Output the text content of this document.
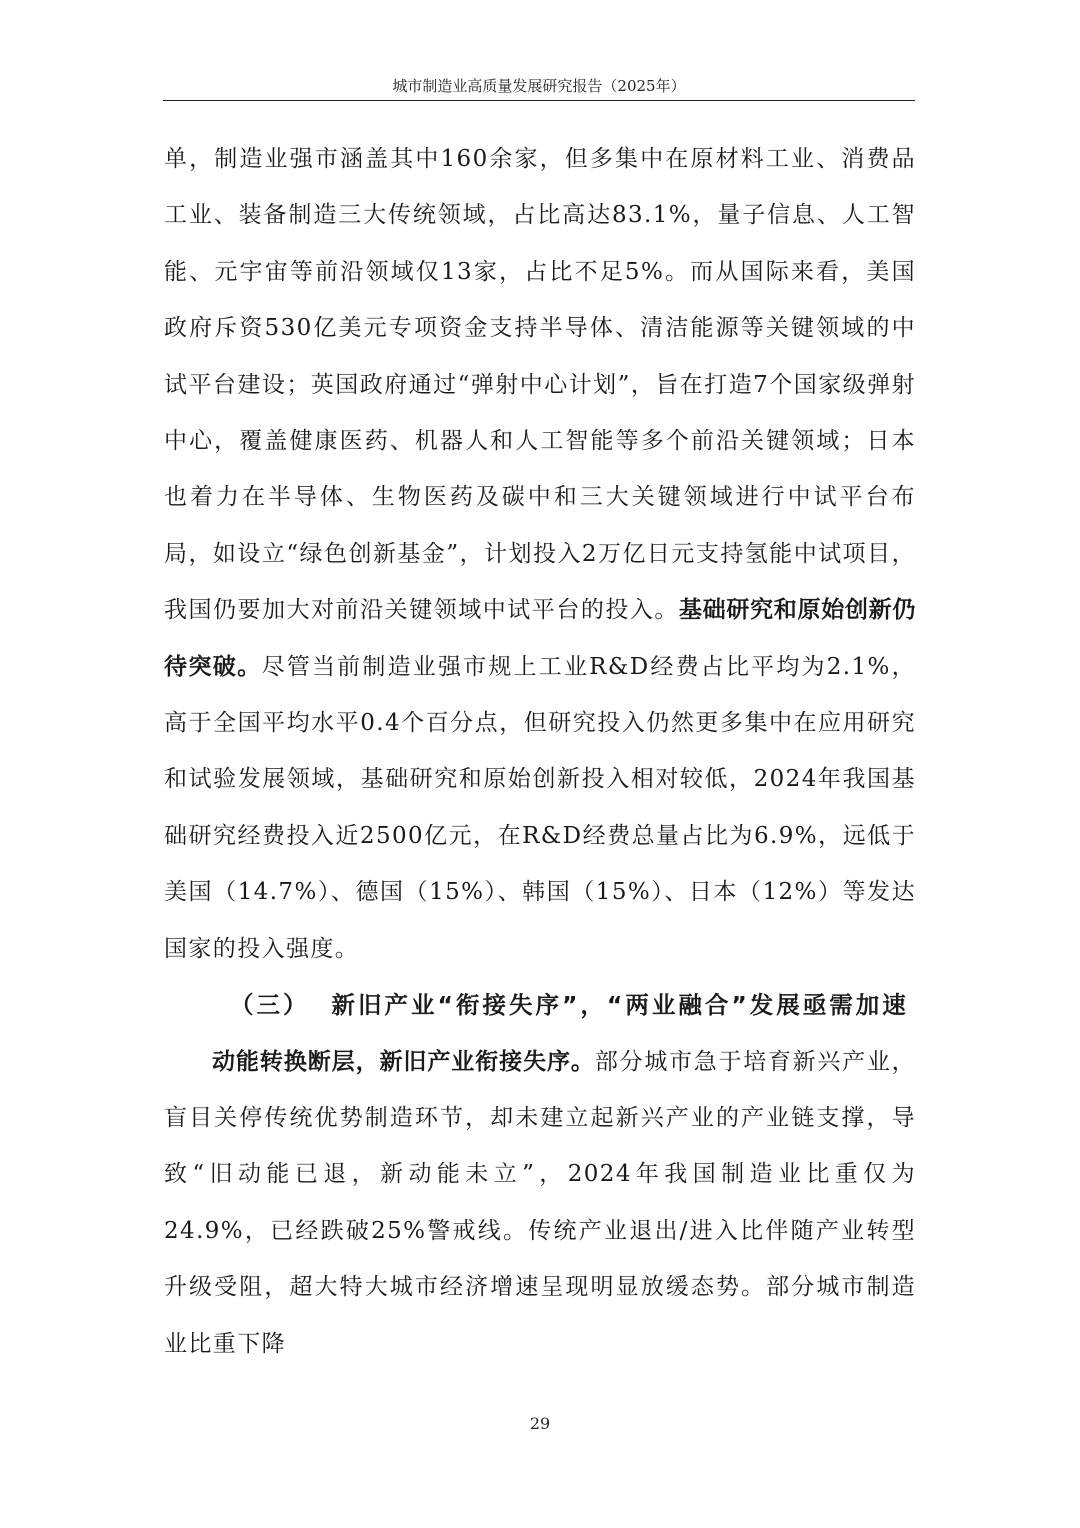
城市制造业高质量发展研究报告（2025年）

单，制造业强市涵盖其中160余家，但多集中在原材料工业、消费品工业、装备制造三大传统领域，占比高达83.1%，量子信息、人工智能、元宇宙等前沿领域仅13家，占比不足5%。而从国际来看，美国政府斥资530亿美元专项资金支持半导体、清洁能源等关键领域的中试平台建设；英国政府通过“弹射中心计划”，旨在打造7个国家级弹射中心，覆盖健康医药、机器人和人工智能等多个前沿关键领域；日本也着力在半导体、生物医药及碳中和三大关键领域进行中试平台布局，如设立“绿色创新基金”，计划投入2万亿日元支持氢能中试项目，我国仍要加大对前沿关键领域中试平台的投入。基础研究和原始创新仍待突破。尽管当前制造业强市规上工业R&D经费占比平均为2.1%，高于全国平均水平0.4个百分点，但研究投入仍然更多集中在应用研究和试验发展领域，基础研究和原始创新投入相对较低，2024年我国基础研究经费投入近2500亿元，在R&D经费总量占比为6.9%，远低于美国（14.7%）、德国（15%）、韩国（15%）、日本（12%）等发达国家的投入强度。

（三） 新旧产业“衔接失序”，“两业融合”发展亟需加速

动能转换断层，新旧产业衔接失序。部分城市急于培育新兴产业，盲目关停传统优势制造环节，却未建立起新兴产业的产业链支撑，导致“旧动能已退，新动能未立”，2024年我国制造业比重仅为24.9%，已经跌破25%警戒线。传统产业退出/进入比伴随产业转型升级受阻，超大特大城市经济增速呈现明显放缓态势。部分城市制造业比重下降

29
